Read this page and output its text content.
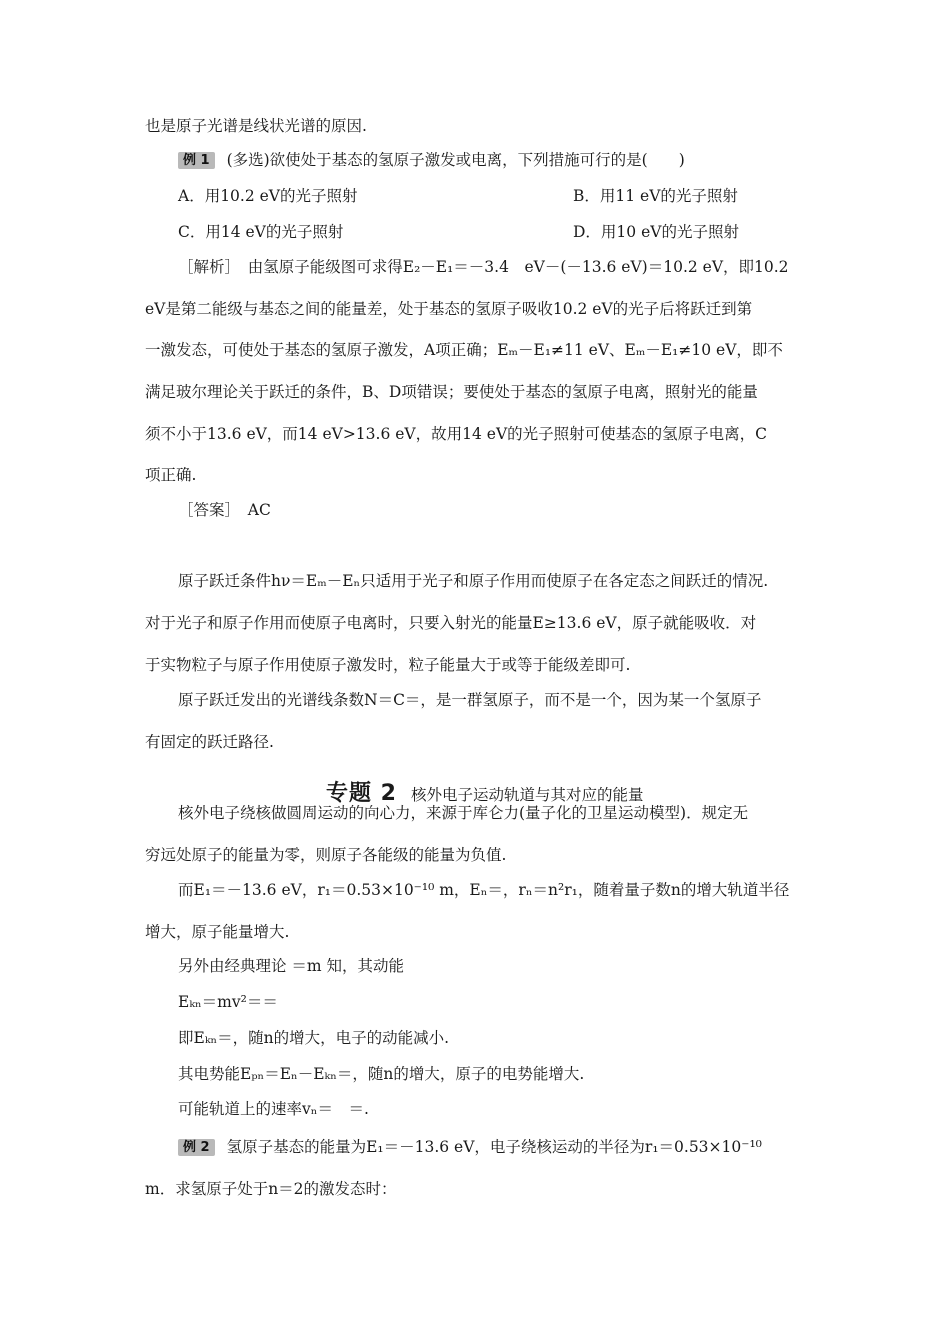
也是原子光谱是线状光谱的原因.
例 1 (多选)欲使处于基态的氢原子激发或电离，下列措施可行的是(　　)
A．用10.2 eV的光子照射	B．用11 eV的光子照射
C．用14 eV的光子照射	D．用10 eV的光子照射
［解析］　由氢原子能级图可求得E₂－E₁＝－3.4　eV－(－13.6 eV)＝10.2 eV，即10.2
eV是第二能级与基态之间的能量差，处于基态的氢原子吸收10.2 eV的光子后将跃迁到第
一激发态，可使处于基态的氢原子激发，A项正确；Eₘ－E₁≠11 eV、Eₘ－E₁≠10 eV，即不
满足玻尔理论关于跃迁的条件，B、D项错误；要使处于基态的氢原子电离，照射光的能量
须不小于13.6 eV，而14 eV>13.6 eV，故用14 eV的光子照射可使基态的氢原子电离，C
项正确.
［答案］　AC
原子跃迁条件hν＝Eₘ－Eₙ只适用于光子和原子作用而使原子在各定态之间跃迁的情况.
对于光子和原子作用而使原子电离时，只要入射光的能量E≥13.6 eV，原子就能吸收．对
于实物粒子与原子作用使原子激发时，粒子能量大于或等于能级差即可.
原子跃迁发出的光谱线条数N＝C＝，是一群氢原子，而不是一个，因为某一个氢原子
有固定的跃迁路径.
核外电子绕核做圆周运动的向心力，来源于库仑力(量子化的卫星运动模型)．规定无
穷远处原子的能量为零，则原子各能级的能量为负值.
而E₁＝－13.6 eV，r₁＝0.53×10⁻¹⁰ m，Eₙ＝，rₙ＝n²r₁，随着量子数n的增大轨道半径
增大，原子能量增大.
另外由经典理论 ＝m 知，其动能
Eₖₙ＝mv²＝＝
即Eₖₙ＝，随n的增大，电子的动能减小.
其电势能Eₚₙ＝Eₙ－Eₖₙ＝，随n的增大，原子的电势能增大.
可能轨道上的速率vₙ＝　＝.
例 2 氢原子基态的能量为E₁＝－13.6 eV，电子绕核运动的半径为r₁＝0.53×10⁻¹⁰
m．求氢原子处于n＝2的激发态时：
专题 2 核外电子运动轨道与其对应的能量
